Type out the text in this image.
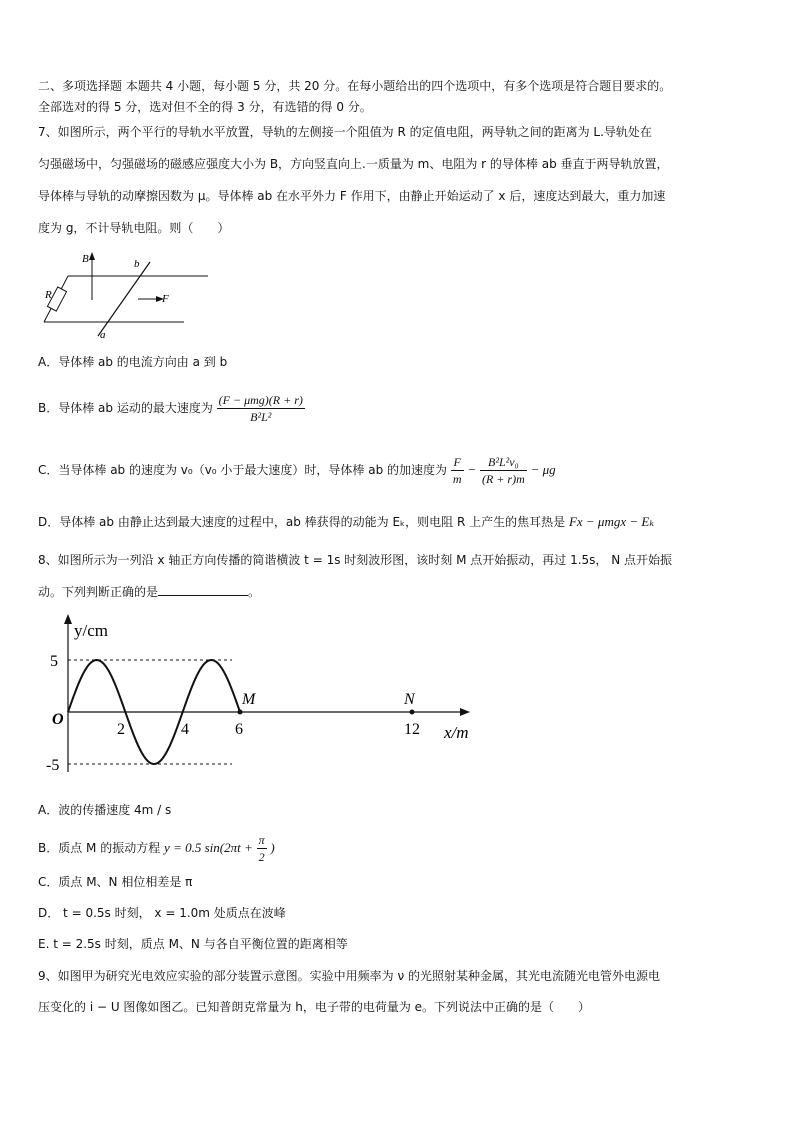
二、多项选择题 本题共 4 小题，每小题 5 分，共 20 分。在每小题给出的四个选项中，有多个选项是符合题目要求的。
全部选对的得 5 分，选对但不全的得 3 分，有选错的得 0 分。
7、如图所示，两个平行的导轨水平放置，导轨的左侧接一个阻值为 R 的定值电阻，两导轨之间的距离为 L.导轨处在
匀强磁场中，匀强磁场的磁感应强度大小为 B，方向竖直向上.一质量为 m、电阻为 r 的导体棒 ab 垂直于两导轨放置，
导体棒与导轨的动摩擦因数为 μ。导体棒 ab 在水平外力 F 作用下，由静止开始运动了 x 后，速度达到最大，重力加速
度为 g，不计导轨电阻。则（　　）
B	b
R	F
a
A．导体棒 ab 的电流方向由 a 到 b
B．导体棒 ab 运动的最大速度为 $\frac{\text{(F − μmg)(R + r)}}{\text{B²L²}}$
C．当导体棒 ab 的速度为 v₀（v₀ 小于最大速度）时，导体棒 ab 的加速度为 $\frac{F}{m} - \frac{\text{B²L²v₀}}{(R + r)m} - \mu g$
D．导体棒 ab 由静止达到最大速度的过程中，ab 棒获得的动能为 Eₖ，则电阻 R 上产生的焦耳热是 Fx − μmgx − Eₖ
8、如图所示为一列沿 x 轴正方向传播的简谐横波 t = 1s 时刻波形图，该时刻 M 点开始振动，再过 1.5s， N 点开始振
动。下列判断正确的是	。
y/cm
x/m
O
5
-5
2	4	6	12
M	N
A．波的传播速度 4m / s
B．质点 M 的振动方程 y = 0.5 $\sin(2\pi t + \frac{\pi}{2}$ )
C．质点 M、N 相位相差是 π
D． t = 0.5s 时刻， x = 1.0m 处质点在波峰
E. t = 2.5s 时刻，质点 M、N 与各自平衡位置的距离相等
9、如图甲为研究光电效应实验的部分装置示意图。实验中用频率为 ν 的光照射某种金属，其光电流随光电管外电源电
压变化的 i − U 图像如图乙。已知普朗克常量为 h，电子带的电荷量为 e。下列说法中正确的是（　　）
